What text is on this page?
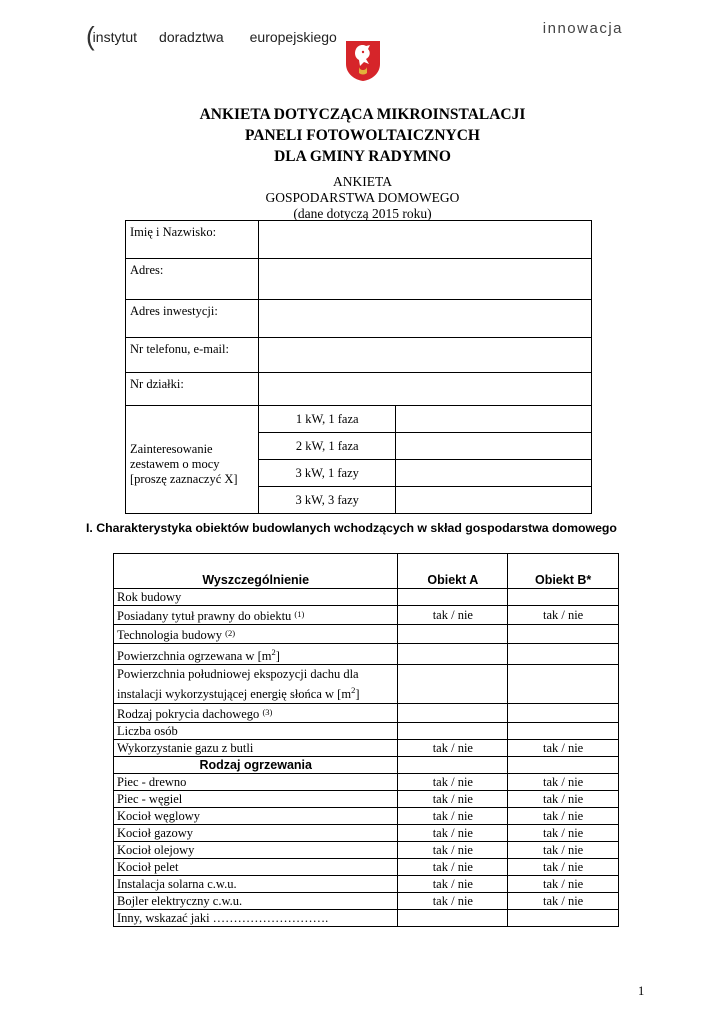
(instytut doradztwa europejskiego	innowacja
ANKIETA DOTYCZĄCA MIKROINSTALACJI
PANELI FOTOWOLTAICZNYCH
DLA GMINY RADYMNO
ANKIETA
GOSPODARSTWA DOMOWEGO
(dane dotyczą 2015 roku)
Imię i Nazwisko:		
Adres:		
Adres inwestycji:		
Nr telefonu, e-mail:		
Nr działki:		

Zainteresowanie
zestawem o mocy
[proszę zaznaczyć X]	1 kW, 1 faza	
	2 kW, 1 faza	
	3 kW, 1 fazy	
	3 kW, 3 fazy	
I. Charakterystyka obiektów budowlanych wchodzących w skład gospodarstwa domowego
Wyszczególnienie	Obiekt A	Obiekt B*
Rok budowy		
Posiadany tytuł prawny do obiektu $^{(1)}$	tak / nie	tak / nie
Technologia budowy $^{(2)}$		
Powierzchnia ogrzewana w $[m^2]$		
Powierzchnia południowej ekspozycji dachu dla
instalacji wykorzystującej energię słońca w $[m^2]$		
Rodzaj pokrycia dachowego $^{(3)}$		
Liczba osób		
Wykorzystanie gazu z butli	tak / nie	tak / nie
Rodzaj ogrzewania		
Piec - drewno	tak / nie	tak / nie
Piec - węgiel	tak / nie	tak / nie
Kocioł węglowy	tak / nie	tak / nie
Kocioł gazowy	tak / nie	tak / nie
Kocioł olejowy	tak / nie	tak / nie
Kocioł pelet	tak / nie	tak / nie
Instalacja solarna c.w.u.	tak / nie	tak / nie
Bojler elektryczny c.w.u.	tak / nie	tak / nie
Inny, wskazać jaki ……………………….		
1
